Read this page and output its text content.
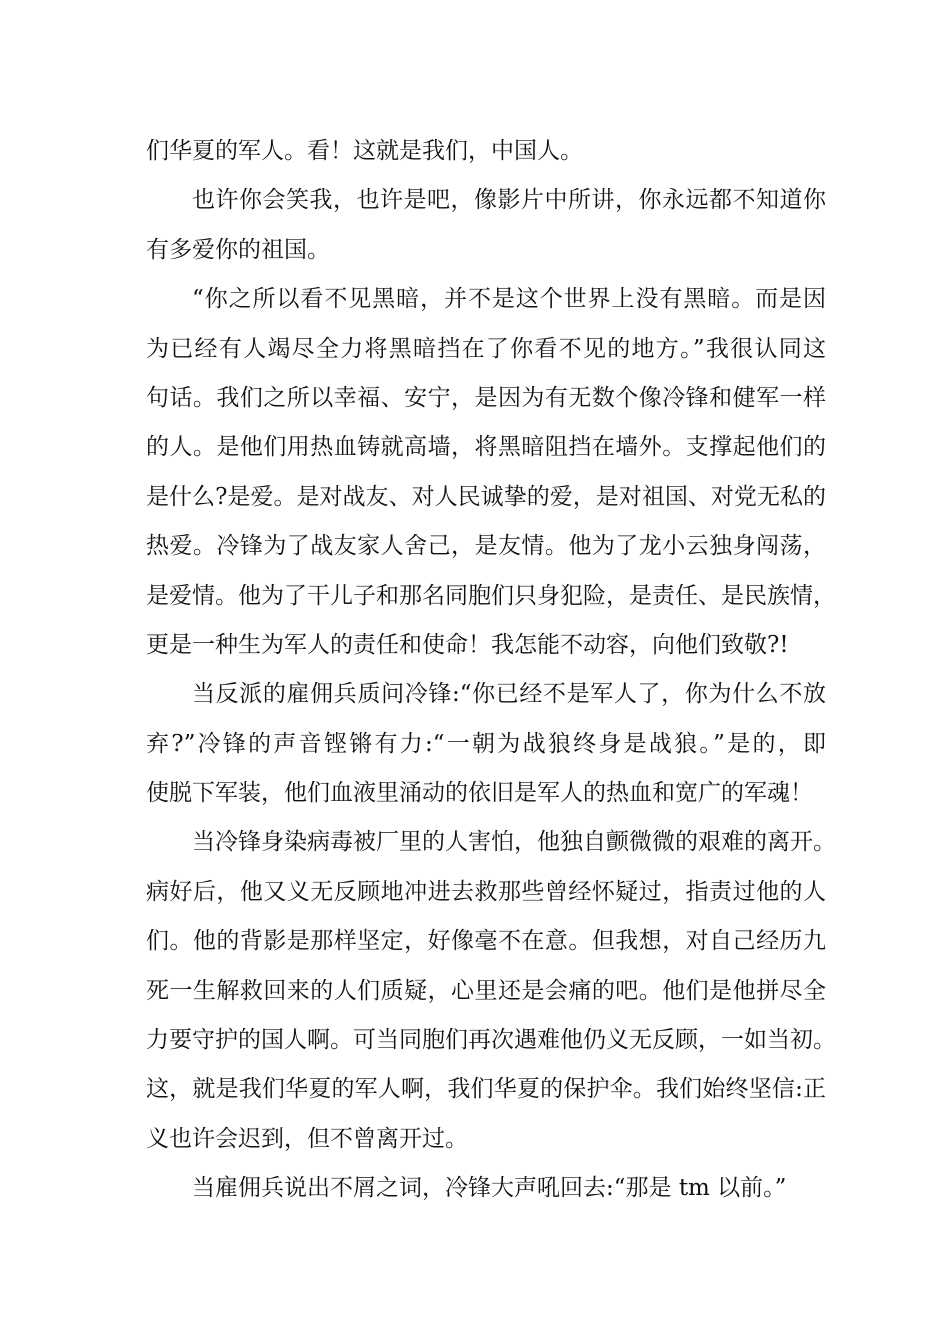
们华夏的军人。看！这就是我们，中国人。
也许你会笑我，也许是吧，像影片中所讲，你永远都不知道你
有多爱你的祖国。
“你之所以看不见黑暗，并不是这个世界上没有黑暗。而是因
为已经有人竭尽全力将黑暗挡在了你看不见的地方。”我很认同这
句话。我们之所以幸福、安宁，是因为有无数个像冷锋和健军一样
的人。是他们用热血铸就高墙，将黑暗阻挡在墙外。支撑起他们的
是什么?是爱。是对战友、对人民诚挚的爱，是对祖国、对党无私的
热爱。冷锋为了战友家人舍己，是友情。他为了龙小云独身闯荡，
是爱情。他为了干儿子和那名同胞们只身犯险，是责任、是民族情，
更是一种生为军人的责任和使命！我怎能不动容，向他们致敬?!
当反派的雇佣兵质问冷锋:“你已经不是军人了，你为什么不放
弃?”冷锋的声音铿锵有力:“一朝为战狼终身是战狼。”是的，即
使脱下军装，他们血液里涌动的依旧是军人的热血和宽广的军魂！
当冷锋身染病毒被厂里的人害怕，他独自颤微微的艰难的离开。
病好后，他又义无反顾地冲进去救那些曾经怀疑过，指责过他的人
们。他的背影是那样坚定，好像毫不在意。但我想，对自己经历九
死一生解救回来的人们质疑，心里还是会痛的吧。他们是他拼尽全
力要守护的国人啊。可当同胞们再次遇难他仍义无反顾，一如当初。
这，就是我们华夏的军人啊，我们华夏的保护伞。我们始终坚信:正
义也许会迟到，但不曾离开过。
当雇佣兵说出不屑之词，冷锋大声吼回去:“那是 tm 以前。”
